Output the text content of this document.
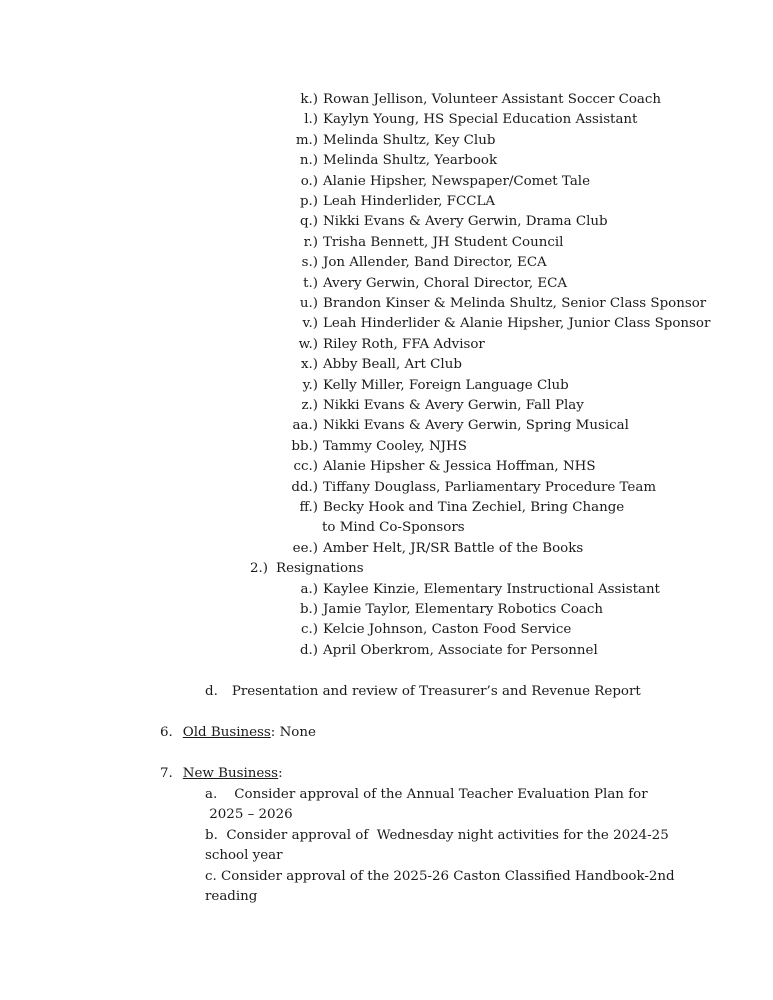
k.) Rowan Jellison, Volunteer Assistant Soccer Coach
l.) Kaylyn Young, HS Special Education Assistant
m.) Melinda Shultz, Key Club
n.) Melinda Shultz, Yearbook
o.) Alanie Hipsher, Newspaper/Comet Tale
p.) Leah Hinderlider, FCCLA
q.) Nikki Evans & Avery Gerwin, Drama Club
r.) Trisha Bennett, JH Student Council
s.) Jon Allender, Band Director, ECA
t.) Avery Gerwin, Choral Director, ECA
u.) Brandon Kinser & Melinda Shultz, Senior Class Sponsor
v.) Leah Hinderlider & Alanie Hipsher, Junior Class Sponsor
w.) Riley Roth, FFA Advisor
x.) Abby Beall, Art Club
y.) Kelly Miller, Foreign Language Club
z.) Nikki Evans & Avery Gerwin, Fall Play
aa.) Nikki Evans & Avery Gerwin, Spring Musical
bb.) Tammy Cooley, NJHS
cc.) Alanie Hipsher & Jessica Hoffman, NHS
dd.) Tiffany Douglass, Parliamentary Procedure Team
ff.) Becky Hook and Tina Zechiel, Bring Change
to Mind Co-Sponsors
ee.) Amber Helt, JR/SR Battle of the Books
2.) Resignations
a.) Kaylee Kinzie, Elementary Instructional Assistant
b.) Jamie Taylor, Elementary Robotics Coach
c.) Kelcie Johnson, Caston Food Service
d.) April Oberkrom, Associate for Personnel
d. Presentation and review of Treasurer’s and Revenue Report
6. Old Business: None
7. New Business:
a.    Consider approval of the Annual Teacher Evaluation Plan for
2025 – 2026
b.  Consider approval of  Wednesday night activities for the 2024-25
school year
c. Consider approval of the 2025-26 Caston Classified Handbook-2nd
reading
